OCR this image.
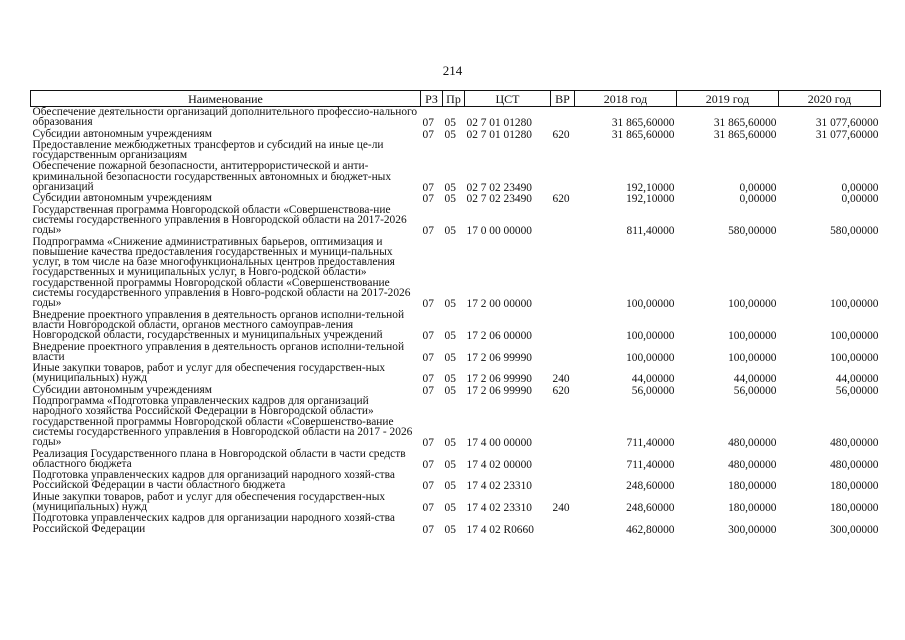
214
Наименование	РЗ	Пр	ЦСТ	ВР	2018 год	2019 год	2020 год
Обеспечение деятельности организаций дополнительного профессио-нального образования	07	05	02 7 01 01280		31 865,60000	31 865,60000	31 077,60000
Субсидии автономным учреждениям	07	05	02 7 01 01280	620	31 865,60000	31 865,60000	31 077,60000
Предоставление межбюджетных трансфертов и субсидий на иные це-ли государственным организациям							
Обеспечение пожарной безопасности, антитеррористической и анти-криминальной безопасности государственных автономных и бюджет-ных организаций	07	05	02 7 02 23490		192,10000	0,00000	0,00000
Субсидии автономным учреждениям	07	05	02 7 02 23490	620	192,10000	0,00000	0,00000
Государственная программа Новгородской области «Совершенствова-ние системы государственного управления в Новгородской области на 2017-2026 годы»	07	05	17 0 00 00000		811,40000	580,00000	580,00000
Подпрограмма «Снижение административных барьеров, оптимизация и повышение качества предоставления государственных и муници-пальных услуг, в том числе на базе многофункциональных центров предоставления государственных и муниципальных услуг, в Новго-родской области» государственной программы Новгородской области «Совершенствование системы государственного управления в Новго-родской области на 2017-2026 годы»	07	05	17 2 00 00000		100,00000	100,00000	100,00000
Внедрение проектного управления в деятельность органов исполни-тельной власти Новгородской области, органов местного самоуправ-ления Новгородской области, государственных и муниципальных учреждений	07	05	17 2 06 00000		100,00000	100,00000	100,00000
Внедрение проектного управления в деятельность органов исполни-тельной власти	07	05	17 2 06 99990		100,00000	100,00000	100,00000
Иные закупки товаров, работ и услуг для обеспечения государствен-ных (муниципальных) нужд	07	05	17 2 06 99990	240	44,00000	44,00000	44,00000
Субсидии автономным учреждениям	07	05	17 2 06 99990	620	56,00000	56,00000	56,00000
Подпрограмма «Подготовка управленческих кадров для организаций народного хозяйства Российской Федерации в Новгородской области» государственной программы Новгородской области «Совершенство-вание системы государственного управления в Новгородской области на 2017 - 2026 годы»	07	05	17 4 00 00000		711,40000	480,00000	480,00000
Реализация Государственного плана в Новгородской области в части средств областного бюджета	07	05	17 4 02 00000		711,40000	480,00000	480,00000
Подготовка управленческих кадров для организаций народного хозяй-ства Российской Федерации в части областного бюджета	07	05	17 4 02 23310		248,60000	180,00000	180,00000
Иные закупки товаров, работ и услуг для обеспечения государствен-ных (муниципальных) нужд	07	05	17 4 02 23310	240	248,60000	180,00000	180,00000
Подготовка управленческих кадров для организации народного хозяй-ства Российской Федерации	07	05	17 4 02 R0660		462,80000	300,00000	300,00000
